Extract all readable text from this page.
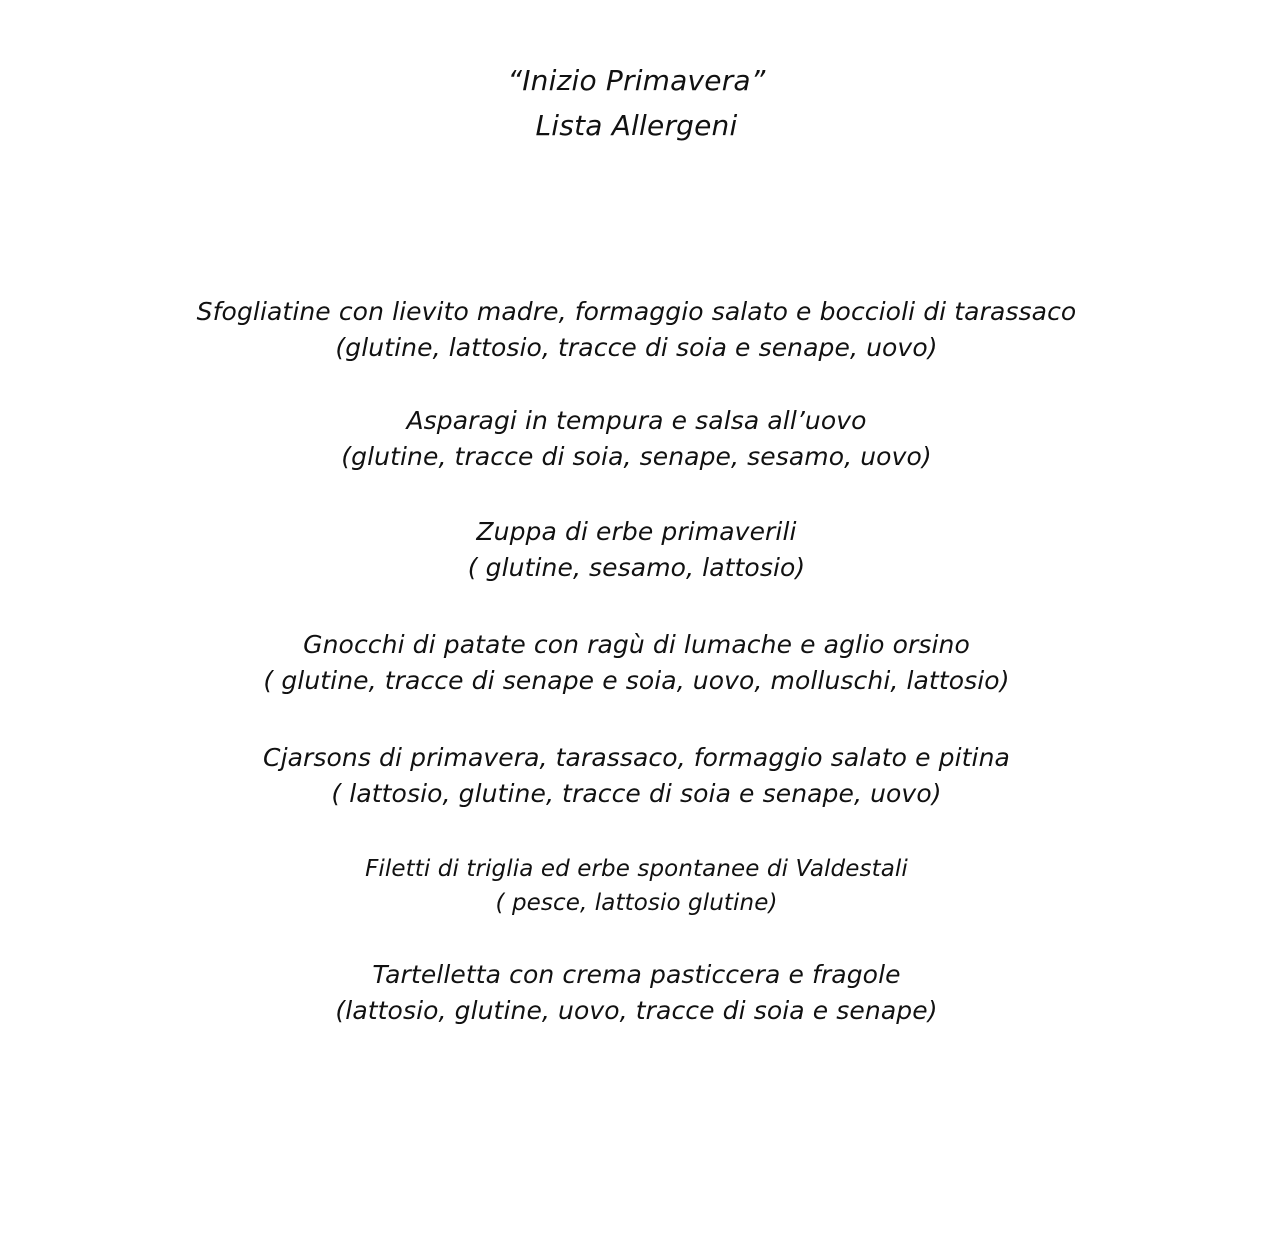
“Inizio Primavera”
Lista Allergeni
Sfogliatine con lievito madre, formaggio salato e boccioli di tarassaco
(glutine, lattosio, tracce di soia e senape, uovo)
Asparagi in tempura e salsa all’uovo
(glutine, tracce di soia, senape, sesamo, uovo)
Zuppa di erbe primaverili
( glutine, sesamo, lattosio)
Gnocchi di patate con ragù di lumache e aglio orsino
( glutine, tracce di senape e soia, uovo, molluschi, lattosio)
Cjarsons di primavera, tarassaco, formaggio salato e pitina
( lattosio, glutine, tracce di soia e senape, uovo)
Filetti di triglia ed erbe spontanee di Valdestali
( pesce, lattosio glutine)
Tartelletta con crema pasticcera e fragole
(lattosio, glutine, uovo, tracce di soia e senape)
